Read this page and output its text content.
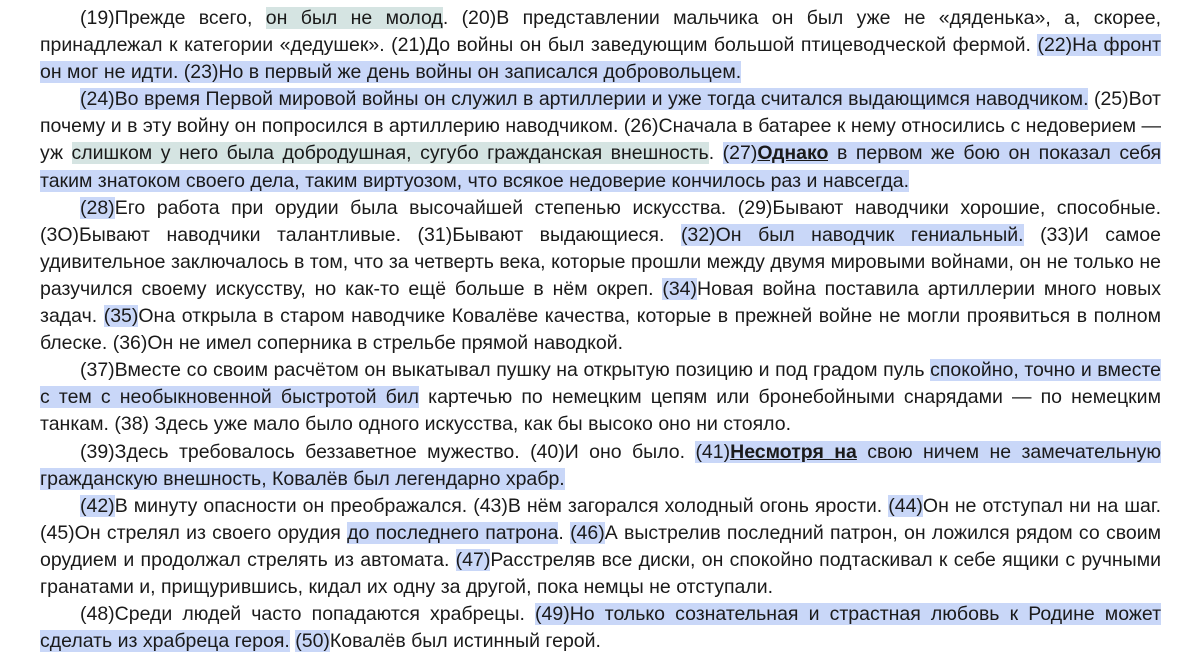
(19)Прежде всего, он был не молод. (20)В представлении мальчика он был уже не «дяденька», а, скорее, принадлежал к категории «дедушек». (21)До войны он был заведующим большой птицеводческой фермой. (22)На фронт он мог не идти. (23)Но в первый же день войны он записался добровольцем.

(24)Во время Первой мировой войны он служил в артиллерии и уже тогда считался выдающимся наводчиком. (25)Вот почему и в эту войну он попросился в артиллерию наводчиком. (26)Сначала в батарее к нему относились с недоверием — уж слишком у него была добродушная, сугубо гражданская внешность. (27)Однако в первом же бою он показал себя таким знатоком своего дела, таким виртуозом, что всякое недоверие кончилось раз и навсегда.

(28)Его работа при орудии была высочайшей степенью искусства. (29)Бывают наводчики хорошие, способные. (3О)Бывают наводчики талантливые. (31)Бывают выдающиеся. (32)Он был наводчик гениальный. (33)И самое удивительное заключалось в том, что за четверть века, которые прошли между двумя мировыми войнами, он не только не разучился своему искусству, но как-то ещё больше в нём окреп. (34)Новая война поставила артиллерии много новых задач. (35)Она открыла в старом наводчике Ковалёве качества, которые в прежней войне не могли проявиться в полном блеске. (36)Он не имел соперника в стрельбе прямой наводкой.

(37)Вместе со своим расчётом он выкатывал пушку на открытую позицию и под градом пуль спокойно, точно и вместе с тем с необыкновенной быстротой бил картечью по немецким цепям или бронебойными снарядами — по немецким танкам. (38) Здесь уже мало было одного искусства, как бы высоко оно ни стояло.

(39)Здесь требовалось беззаветное мужество. (40)И оно было. (41)Несмотря на свою ничем не замечательную гражданскую внешность, Ковалёв был легендарно храбр.

(42)В минуту опасности он преображался. (43)В нём загорался холодный огонь ярости. (44)Он не отступал ни на шаг. (45)Он стрелял из своего орудия до последнего патрона. (46)А выстрелив последний патрон, он ложился рядом со своим орудием и продолжал стрелять из автомата. (47)Расстреляв все диски, он спокойно подтаскивал к себе ящики с ручными гранатами и, прищурившись, кидал их одну за другой, пока немцы не отступали.

(48)Среди людей часто попадаются храбрецы. (49)Но только сознательная и страстная любовь к Родине может сделать из храбреца героя. (50)Ковалёв был истинный герой.
